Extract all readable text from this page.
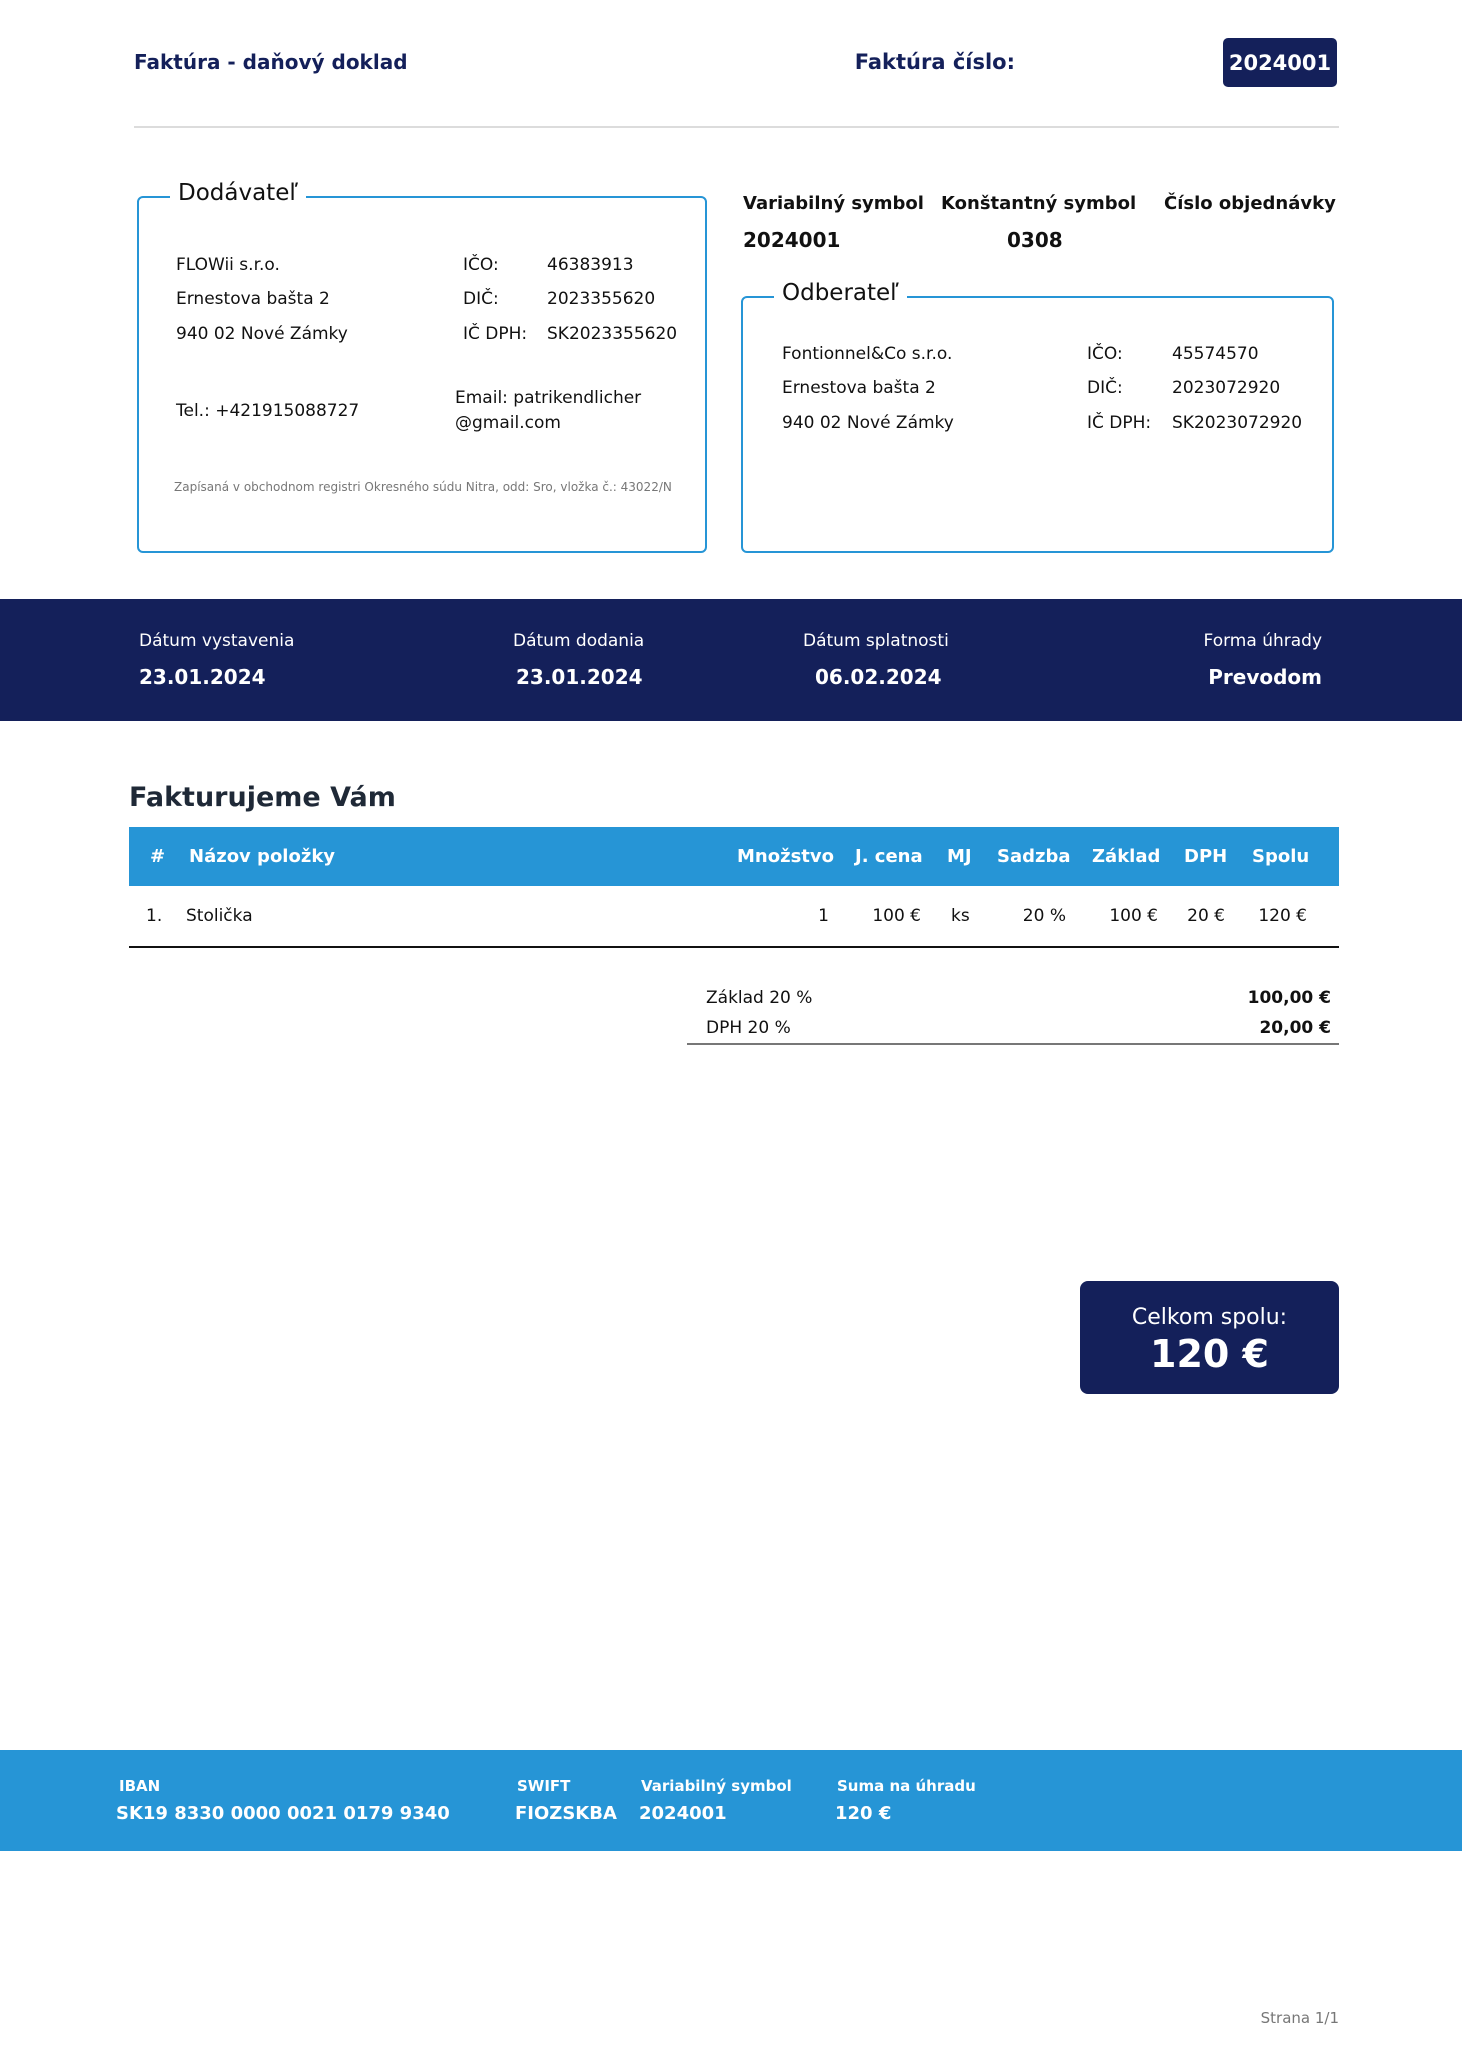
Faktúra - daňový doklad	Faktúra číslo:	2024001
Dodávateľ
FLOWii s.r.o.
Ernestova bašta 2
940 02 Nové Zámky
IČO:	46383913
DIČ:	2023355620
IČ DPH: SK2023355620
Tel.: +421915088727
Email: patrikendlicher
@gmail.com
Zapísaná v obchodnom registri Okresného súdu Nitra, odd: Sro, vložka č.: 43022/N
Variabilný symbol
2024001
Konštantný symbol
0308
Číslo objednávky
Odberateľ
Fontionnel&Co s.r.o.
Ernestova bašta 2
940 02 Nové Zámky
IČO:	45574570
DIČ:	2023072920
IČ DPH: SK2023072920
Dátum vystavenia
23.01.2024
Dátum dodania
23.01.2024
Dátum splatnosti
06.02.2024
Forma úhrady
Prevodom
Fakturujeme Vám
# Názov položky	Množstvo J. cena MJ Sadzba Základ DPH Spolu
1. Stolička	1	100 € ks	20 %	100 € 20 € 120 €
Základ 20 %	100,00 €
DPH 20 %	20,00 €
Celkom spolu:
120 €
IBAN
SK19 8330 0000 0021 0179 9340
SWIFT
FIOZSKBA
Variabilný symbol
2024001
Suma na úhradu
120 €
Strana 1/1
